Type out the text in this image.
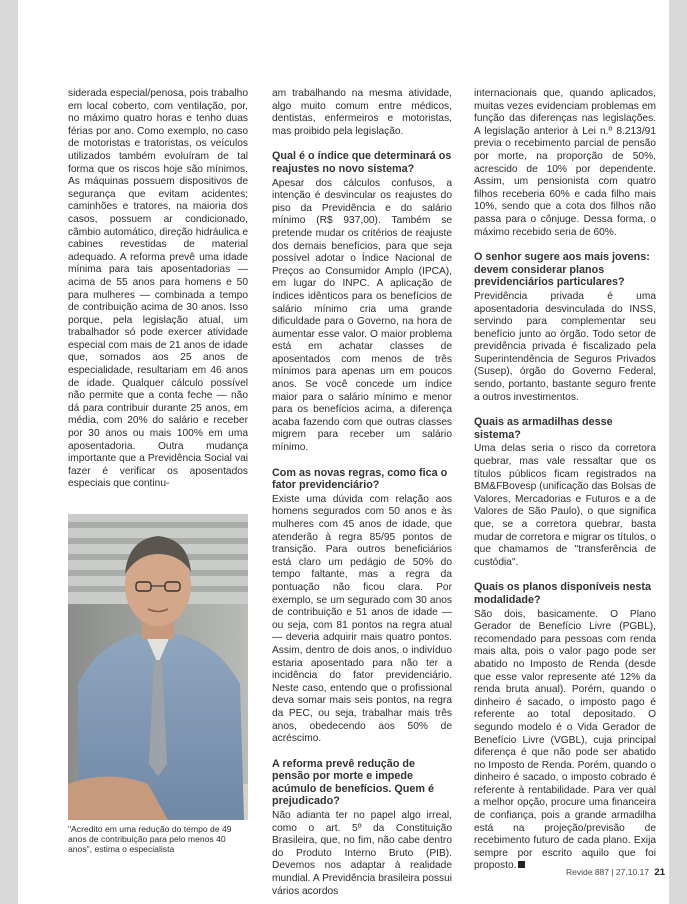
siderada especial/penosa, pois trabalho em local coberto, com ventilação, por, no máximo quatro horas e tenho duas férias por ano. Como exemplo, no caso de motoristas e tratoristas, os veículos utilizados também evoluíram de tal forma que os riscos hoje são mínimos. As máquinas possuem dispositivos de segurança que evitam acidentes; caminhões e tratores, na maioria dos casos, possuem ar condicionado, câmbio automático, direção hidráulica e cabines revestidas de material adequado. A reforma prevê uma idade mínima para tais aposentadorias — acima de 55 anos para homens e 50 para mulheres — combinada a tempo de contribuição acima de 30 anos. Isso porque, pela legislação atual, um trabalhador só pode exercer atividade especial com mais de 21 anos de idade que, somados aos 25 anos de especialidade, resultariam em 46 anos de idade. Qualquer cálculo possível não permite que a conta feche — não dá para contribuir durante 25 anos, em média, com 20% do salário e receber por 30 anos ou mais 100% em uma aposentadoria. Outra mudança importante que a Previdência Social vai fazer é verificar os aposentados especiais que continu-

"Acredito em uma redução do tempo de 49 anos de contribuição para pelo menos 40 anos", estima o especialista

am trabalhando na mesma atividade, algo muito comum entre médicos, dentistas, enfermeiros e motoristas, mas proibido pela legislação.

Qual é o índice que determinará os reajustes no novo sistema?

Apesar dos cálculos confusos, a intenção é desvincular os reajustes do piso da Previdência e do salário mínimo (R$ 937,00). Também se pretende mudar os critérios de reajuste dos demais benefícios, para que seja possível adotar o Índice Nacional de Preços ao Consumidor Amplo (IPCA), em lugar do INPC. A aplicação de índices idênticos para os benefícios de salário mínimo cria uma grande dificuldade para o Governo, na hora de aumentar esse valor. O maior problema está em achatar classes de aposentados com menos de três mínimos para apenas um em poucos anos. Se você concede um índice maior para o salário mínimo e menor para os benefícios acima, a diferença acaba fazendo com que outras classes migrem para receber um salário mínimo.

Com as novas regras, como fica o fator previdenciário?

Existe uma dúvida com relação aos homens segurados com 50 anos e às mulheres com 45 anos de idade, que atenderão à regra 85/95 pontos de transição. Para outros beneficiários está claro um pedágio de 50% do tempo faltante, mas a regra da pontuação não ficou clara. Por exemplo, se um segurado com 30 anos de contribuição e 51 anos de idade — ou seja, com 81 pontos na regra atual — deveria adquirir mais quatro pontos. Assim, dentro de dois anos, o indivíduo estaria aposentado para não ter a incidência do fator previdenciário. Neste caso, entendo que o profissional deva somar mais seis pontos, na regra da PEC, ou seja, trabalhar mais três anos, obedecendo aos 50% de acréscimo.

A reforma prevê redução de pensão por morte e impede acúmulo de benefícios. Quem é prejudicado?

Não adianta ter no papel algo irreal, como o art. 5º da Constituição Brasileira, que, no fim, não cabe dentro do Produto Interno Bruto (PIB). Devemos nos adaptar à realidade mundial. A Previdência brasileira possui vários acordos

internacionais que, quando aplicados, muitas vezes evidenciam problemas em função das diferenças nas legislações. A legislação anterior à Lei n.º 8.213/91 previa o recebimento parcial de pensão por morte, na proporção de 50%, acrescido de 10% por dependente. Assim, um pensionista com quatro filhos receberia 60% e cada filho mais 10%, sendo que a cota dos filhos não passa para o cônjuge. Dessa forma, o máximo recebido seria de 60%.

O senhor sugere aos mais jovens: devem considerar planos previdenciários particulares?

Previdência privada é uma aposentadoria desvinculada do INSS, servindo para complementar seu benefício junto ao órgão. Todo setor de previdência privada é fiscalizado pela Superintendência de Seguros Privados (Susep), órgão do Governo Federal, sendo, portanto, bastante seguro frente a outros investimentos.

Quais as armadilhas desse sistema?

Uma delas seria o risco da corretora quebrar, mas vale ressaltar que os títulos públicos ficam registrados na BM&FBovesp (unificação das Bolsas de Valores, Mercadorias e Futuros e a de Valores de São Paulo), o que significa que, se a corretora quebrar, basta mudar de corretora e migrar os títulos, o que chamamos de "transferência de custódia".

Quais os planos disponíveis nesta modalidade?

São dois, basicamente. O Plano Gerador de Benefício Livre (PGBL), recomendado para pessoas com renda mais alta, pois o valor pago pode ser abatido no Imposto de Renda (desde que esse valor represente até 12% da renda bruta anual). Porém, quando o dinheiro é sacado, o imposto pago é referente ao total depositado. O segundo modelo é o Vida Gerador de Benefício Livre (VGBL), cuja principal diferença é que não pode ser abatido no Imposto de Renda. Porém, quando o dinheiro é sacado, o imposto cobrado é referente à rentabilidade. Para ver qual a melhor opção, procure uma financeira de confiança, pois a grande armadilha está na projeção/previsão de recebimento futuro de cada plano. Exija sempre por escrito aquilo que foi proposto.

Revide 887 | 27.10.17 21
